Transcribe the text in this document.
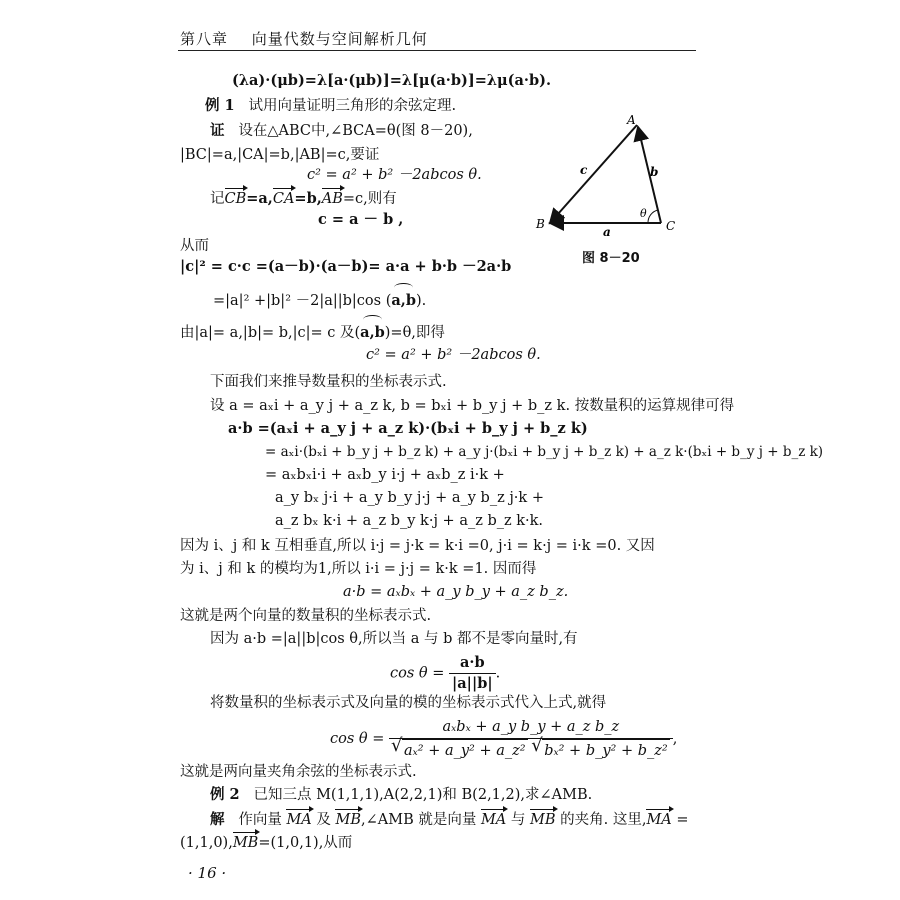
第八章 向量代数与空间解析几何
(λa)·(μb)=λ[a·(μb)]=λ[μ(a·b)]=λμ(a·b).
例 1 试用向量证明三角形的余弦定理.
证 设在△ABC中,∠BCA=θ(图 8－20),
|BC|=a,|CA|=b,|AB|=c,要证
c² = a² + b² －2abcos θ.
记CB=a,CA=b,AB=c,则有
c = a － b ,
从而
|c|² = c·c =(a－b)·(a－b)= a·a + b·b －2a·b
=|a|² +|b|² －2|a||b|cos (a,b).
由|a|= a,|b|= b,|c|= c 及(a,b)=θ,即得
c² = a² + b² －2abcos θ.
下面我们来推导数量积的坐标表示式.
设 a = aₓi + a_y j + a_z k, b = bₓi + b_y j + b_z k. 按数量积的运算规律可得
a·b =(aₓi + a_y j + a_z k)·(bₓi + b_y j + b_z k)
= aₓi·(bₓi + b_y j + b_z k) + a_y j·(bₓi + b_y j + b_z k) + a_z k·(bₓi + b_y j + b_z k)
= aₓbₓi·i + aₓb_y i·j + aₓb_z i·k +
a_y bₓ j·i + a_y b_y j·j + a_y b_z j·k +
a_z bₓ k·i + a_z b_y k·j + a_z b_z k·k.
因为 i、j 和 k 互相垂直,所以 i·j = j·k = k·i =0, j·i = k·j = i·k =0. 又因
为 i、j 和 k 的模均为1,所以 i·i = j·j = k·k =1. 因而得
a·b = aₓbₓ + a_y b_y + a_z b_z.
这就是两个向量的数量积的坐标表示式.
因为 a·b =|a||b|cos θ,所以当 a 与 b 都不是零向量时,有
$\cos \theta = \frac{a\cdot b}{|a||b|}$ .
将数量积的坐标表示式及向量的模的坐标表示式代入上式,就得
cos θ = aₓbₓ + a_y b_y + a_z b_z
√ aₓ² + a_y² + a_z² √ bₓ² + b_y² + b_z² ,
这就是两向量夹角余弦的坐标表示式.
例 2 已知三点 M(1,1,1),A(2,2,1)和 B(2,1,2),求∠AMB.
解 作向量 MA 及 MB,∠AMB 就是向量 MA 与 MB 的夹角. 这里,MA =
(1,1,0),MB=(1,0,1),从而
· 16 ·
A
B	C
c	b
a
θ
图 8－20
